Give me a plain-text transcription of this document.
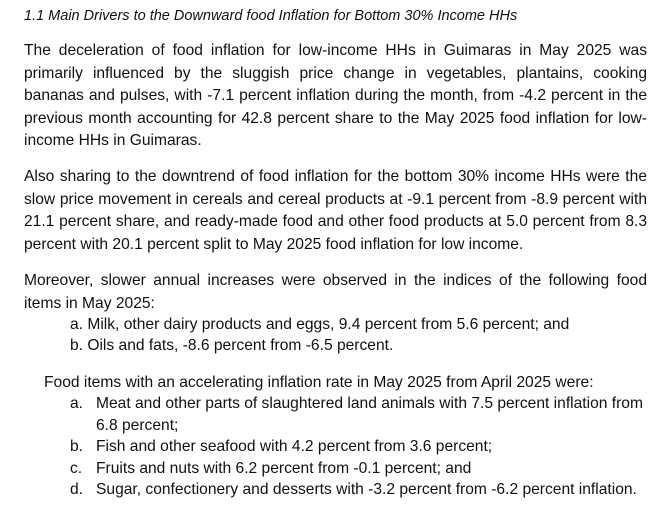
1.1 Main Drivers to the Downward food Inflation for Bottom 30% Income HHs

The deceleration of food inflation for low-income HHs in Guimaras in May 2025 was primarily influenced by the sluggish price change in vegetables, plantains, cooking bananas and pulses, with -7.1 percent inflation during the month, from -4.2 percent in the previous month accounting for 42.8 percent share to the May 2025 food inflation for low-income HHs in Guimaras.

Also sharing to the downtrend of food inflation for the bottom 30% income HHs were the slow price movement in cereals and cereal products at -9.1 percent from -8.9 percent with 21.1 percent share, and ready-made food and other food products at 5.0 percent from 8.3 percent with 20.1 percent split to May 2025 food inflation for low income.

Moreover, slower annual increases were observed in the indices of the following food items in May 2025:

a. Milk, other dairy products and eggs, 9.4 percent from 5.6 percent; and
b. Oils and fats, -8.6 percent from -6.5 percent.
Food items with an accelerating inflation rate in May 2025 from April 2025 were:
a. Meat and other parts of slaughtered land animals with 7.5 percent inflation from 6.8 percent;
b. Fish and other seafood with 4.2 percent from 3.6 percent;
c. Fruits and nuts with 6.2 percent from -0.1 percent; and
d. Sugar, confectionery and desserts with -3.2 percent from -6.2 percent inflation.
